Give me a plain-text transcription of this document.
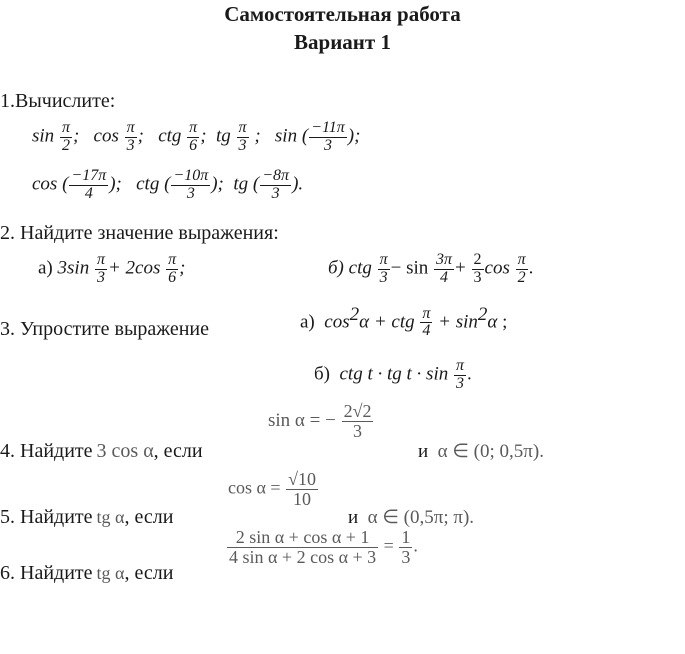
Самостоятельная работа
Вариант 1
1.Вычислите:
$\sin \frac{\pi}{2}$ ; $\cos \frac{\pi}{3}$ ; ctg $\frac{\pi}{6}$ ; tg $\frac{\pi}{3}$ ; sin ( $\frac{-11\pi}{3}$ );
cos ( $\frac{-17\pi}{4}$ ); ctg ( $\frac{-10\pi}{3}$ ); tg ( $\frac{-8\pi}{3}$ ).
2. Найдите значение выражения:
а) $3\sin \frac{\pi}{3} + 2\cos \frac{\pi}{6}$ ;	б) ctg $\frac{\pi}{3} - \sin \frac{3\pi}{4} + \frac{2}{3}$ $\cos \frac{\pi}{2}$ .
3. Упростите выражение	а) $\cos^2\alpha$ + ctg $\frac{\pi}{4} + \sin^2\alpha$ ;
б) ctg t · tg $t \cdot \sin \frac{\pi}{3}$ .
4. Найдите 3 cos α, если
sin α = − $\frac{2√2}{3}$
и α ∈ (0; 0,5π).
5. Найдите tg α, если
$\cos \alpha = \frac{√10}{10}$
и α ∈ (0,5π; π).
6. Найдите tg α, если
$\frac{\text{2 sin α + cos α + 1}}{\text{4 sin α + 2 cos α + 3}} = \frac{1}{3}$ .
